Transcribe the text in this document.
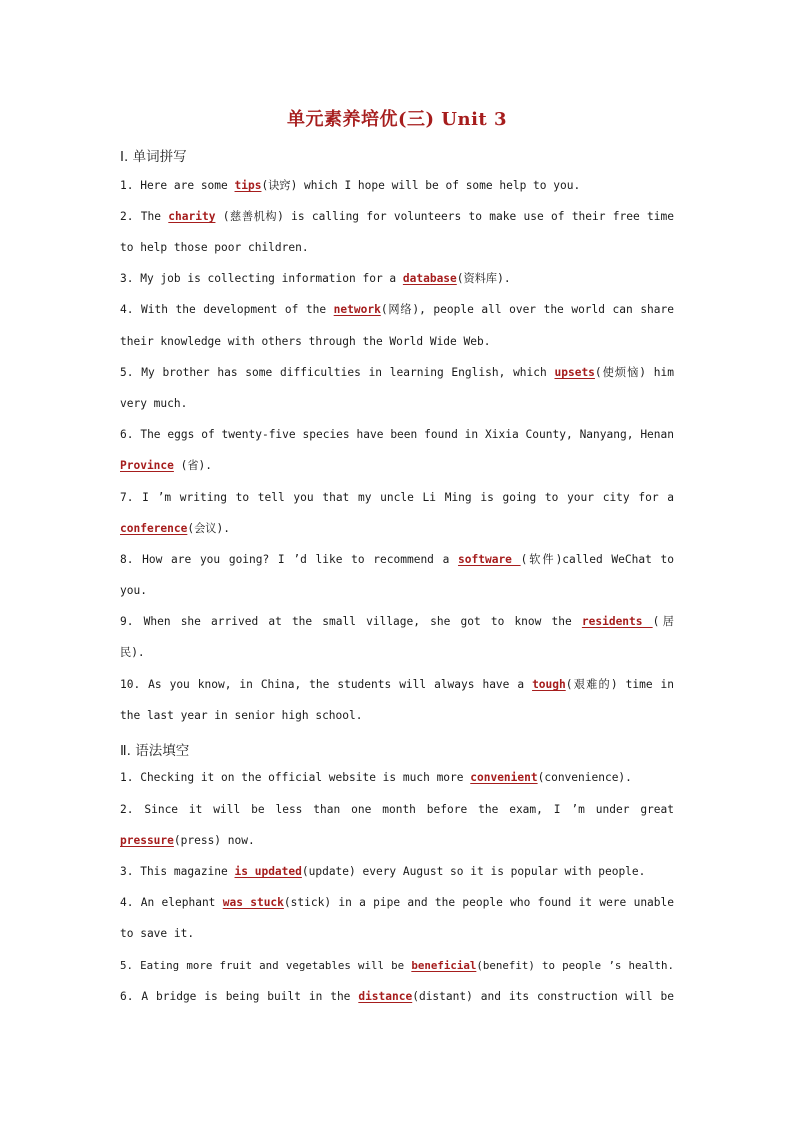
单元素养培优(三) Unit 3
Ⅰ. 单词拼写
1. Here are some tips(诀窍) which I hope will be of some help to you.
2. The charity (慈善机构) is calling for volunteers to make use of their free time
to help those poor children.
3. My job is collecting information for a database(资料库).
4. With the development of the network(网络), people all over the world can share
their knowledge with others through the World Wide Web.
5. My brother has some difficulties in learning English, which upsets(使烦恼) him
very much.
6. The eggs of twenty-five species have been found in Xixia County, Nanyang, Henan
Province (省).
7. I ’m writing to tell you that my uncle Li Ming is going to your city for a
conference(会议).
8. How are you going? I ’d like to recommend a software (软件)called WeChat to
you.
9. When she arrived at the small village, she got to know the residents (居
民).
10. As you know, in China, the students will always have a tough(艰难的) time in
the last year in senior high school.
Ⅱ. 语法填空
1. Checking it on the official website is much more convenient(convenience).
2. Since it will be less than one month before the exam, I ’m under great
pressure(press) now.
3. This magazine is updated(update) every August so it is popular with people.
4. An elephant was stuck(stick) in a pipe and the people who found it were unable
to save it.
5. Eating more fruit and vegetables will be beneficial(benefit) to people ’s health.
6. A bridge is being built in the distance(distant) and its construction will be
